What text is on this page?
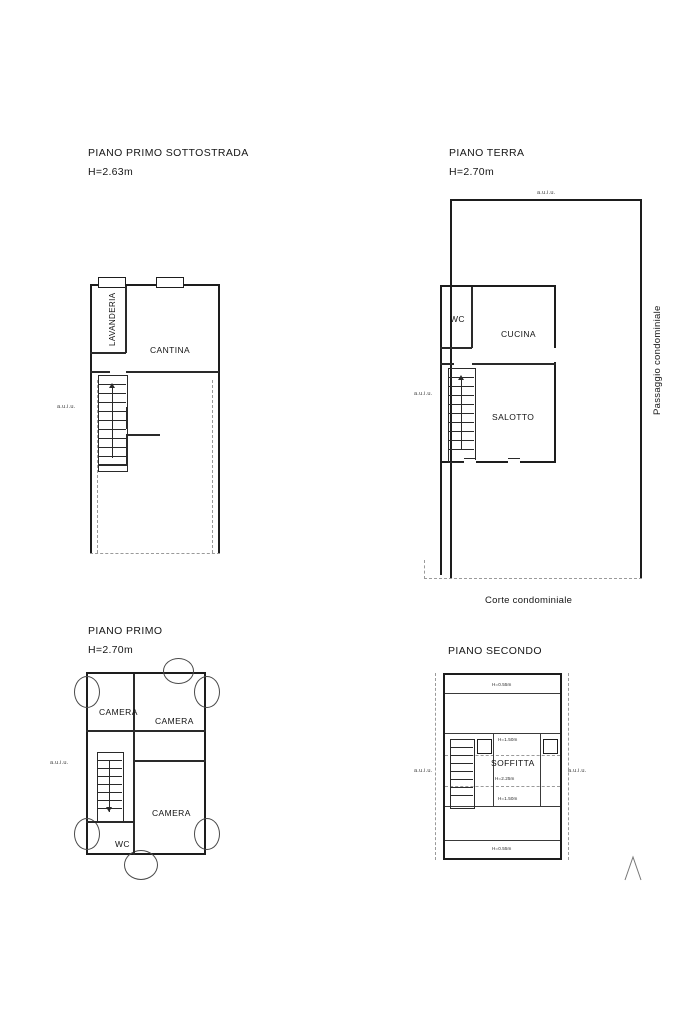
PIANO PRIMO SOTTOSTRADA
H=2.63m
a.u.i.u.
LAVANDERIA
CANTINA
PIANO TERRA
H=2.70m
a.u.i.u.
a.u.i.u.
WC
CUCINA
SALOTTO
Passaggio condominiale
Corte condominiale
PIANO PRIMO
H=2.70m
a.u.i.u.
CAMERA
CAMERA
CAMERA
WC
PIANO SECONDO
a.u.i.u.	a.u.i.u.
SOFFITTA
H=0.55m
H=1.50m
H=2.25m
H=1.50m
H=0.55m
